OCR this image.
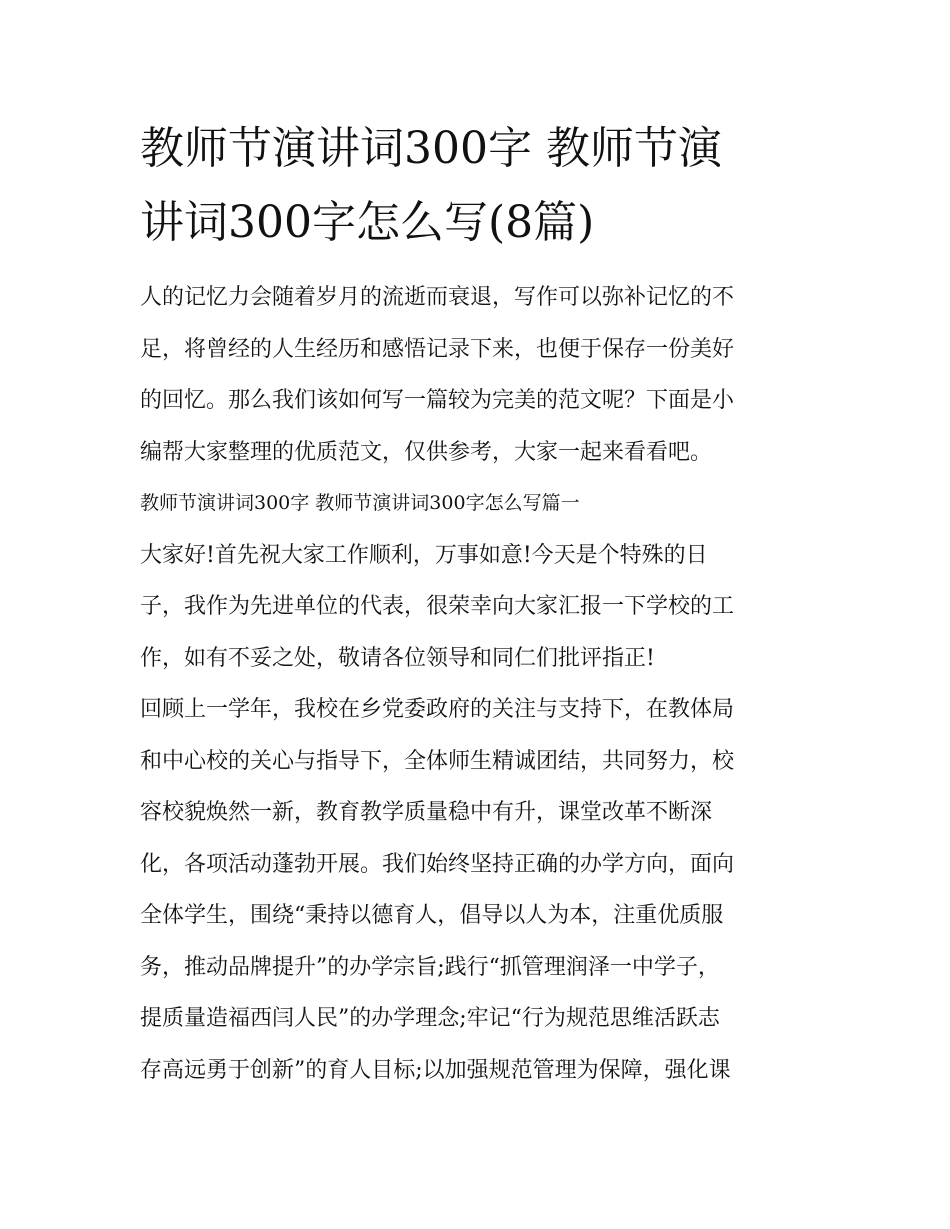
教师节演讲词300字 教师节演
讲词300字怎么写(8篇)
人的记忆力会随着岁月的流逝而衰退，写作可以弥补记忆的不
足，将曾经的人生经历和感悟记录下来，也便于保存一份美好
的回忆。那么我们该如何写一篇较为完美的范文呢？下面是小
编帮大家整理的优质范文，仅供参考，大家一起来看看吧。
教师节演讲词300字 教师节演讲词300字怎么写篇一
大家好!首先祝大家工作顺利，万事如意!今天是个特殊的日
子，我作为先进单位的代表，很荣幸向大家汇报一下学校的工
作，如有不妥之处，敬请各位领导和同仁们批评指正!
回顾上一学年，我校在乡党委政府的关注与支持下，在教体局
和中心校的关心与指导下，全体师生精诚团结，共同努力，校
容校貌焕然一新，教育教学质量稳中有升，课堂改革不断深
化，各项活动蓬勃开展。我们始终坚持正确的办学方向，面向
全体学生，围绕“秉持以德育人，倡导以人为本，注重优质服
务，推动品牌提升”的办学宗旨;践行“抓管理润泽一中学子，
提质量造福西闫人民”的办学理念;牢记“行为规范思维活跃志
存高远勇于创新”的育人目标;以加强规范管理为保障，强化课
